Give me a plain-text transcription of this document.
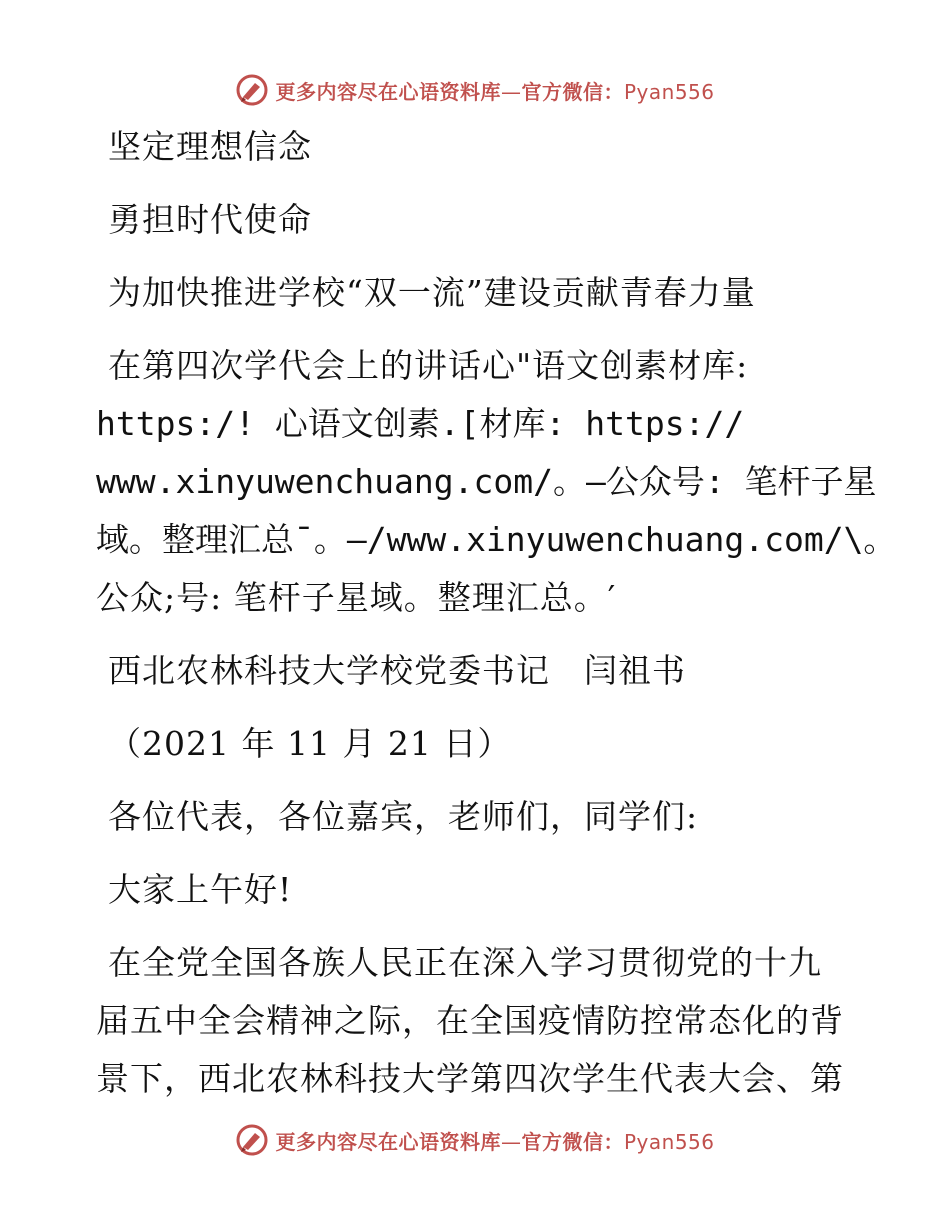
更多内容尽在心语资料库—官方微信：Pyan556
坚定理想信念
勇担时代使命
为加快推进学校“双一流”建设贡献青春力量
在第四次学代会上的讲话心"语文创素材库:
https:/! 心语文创素.[材库: https://
www.xinyuwenchuang.com/。—公众号: 笔杆子星
域。整理汇总¯。—/www.xinyuwenchuang.com/\。
公众;号: 笔杆子星域。整理汇总。′
西北农林科技大学校党委书记　闫祖书
（2021 年 11 月 21 日）
各位代表，各位嘉宾，老师们，同学们:
大家上午好!
在全党全国各族人民正在深入学习贯彻党的十九
届五中全会精神之际，在全国疫情防控常态化的背
景下，西北农林科技大学第四次学生代表大会、第
更多内容尽在心语资料库—官方微信：Pyan556
